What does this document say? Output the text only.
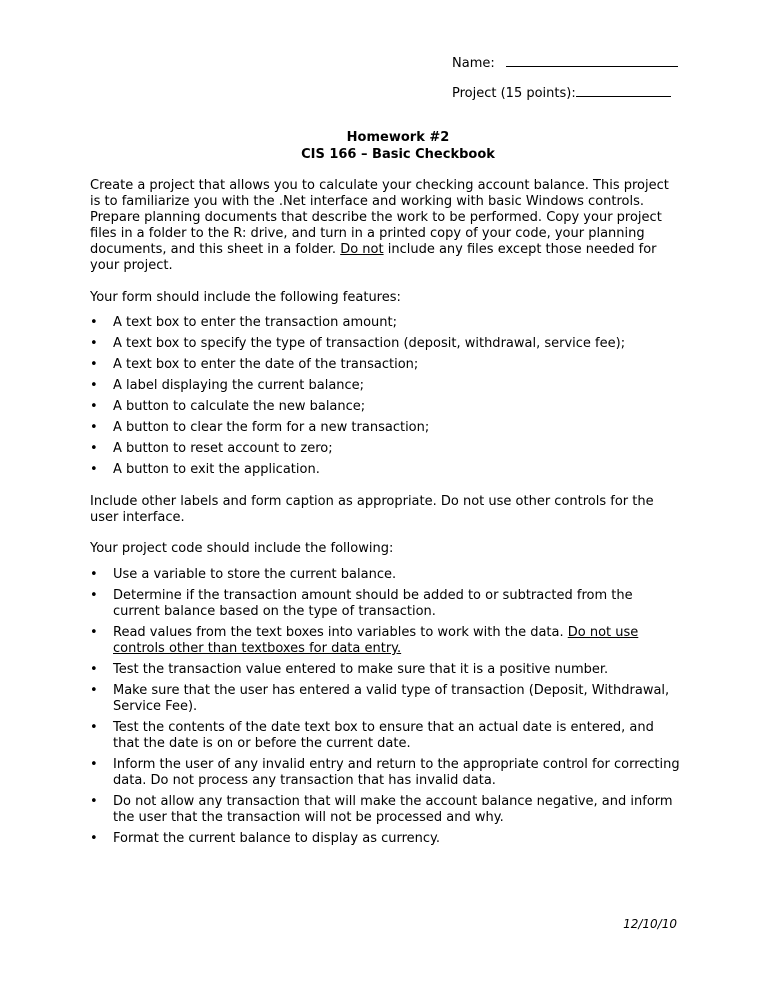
Name:
Project (15 points):
Homework #2
CIS 166 – Basic Checkbook
Create a project that allows you to calculate your checking account balance. This project is to familiarize you with the .Net interface and working with basic Windows controls. Prepare planning documents that describe the work to be performed. Copy your project files in a folder to the R: drive, and turn in a printed copy of your code, your planning documents, and this sheet in a folder. Do not include any files except those needed for your project.
Your form should include the following features:
• A text box to enter the transaction amount;
• A text box to specify the type of transaction (deposit, withdrawal, service fee);
• A text box to enter the date of the transaction;
• A label displaying the current balance;
• A button to calculate the new balance;
• A button to clear the form for a new transaction;
• A button to reset account to zero;
• A button to exit the application.
Include other labels and form caption as appropriate. Do not use other controls for the user interface.
Your project code should include the following:
• Use a variable to store the current balance.
• Determine if the transaction amount should be added to or subtracted from the current balance based on the type of transaction.
• Read values from the text boxes into variables to work with the data. Do not use controls other than textboxes for data entry.
• Test the transaction value entered to make sure that it is a positive number.
• Make sure that the user has entered a valid type of transaction (Deposit, Withdrawal, Service Fee).
• Test the contents of the date text box to ensure that an actual date is entered, and that the date is on or before the current date.
• Inform the user of any invalid entry and return to the appropriate control for correcting data. Do not process any transaction that has invalid data.
• Do not allow any transaction that will make the account balance negative, and inform the user that the transaction will not be processed and why.
• Format the current balance to display as currency.
12/10/10
